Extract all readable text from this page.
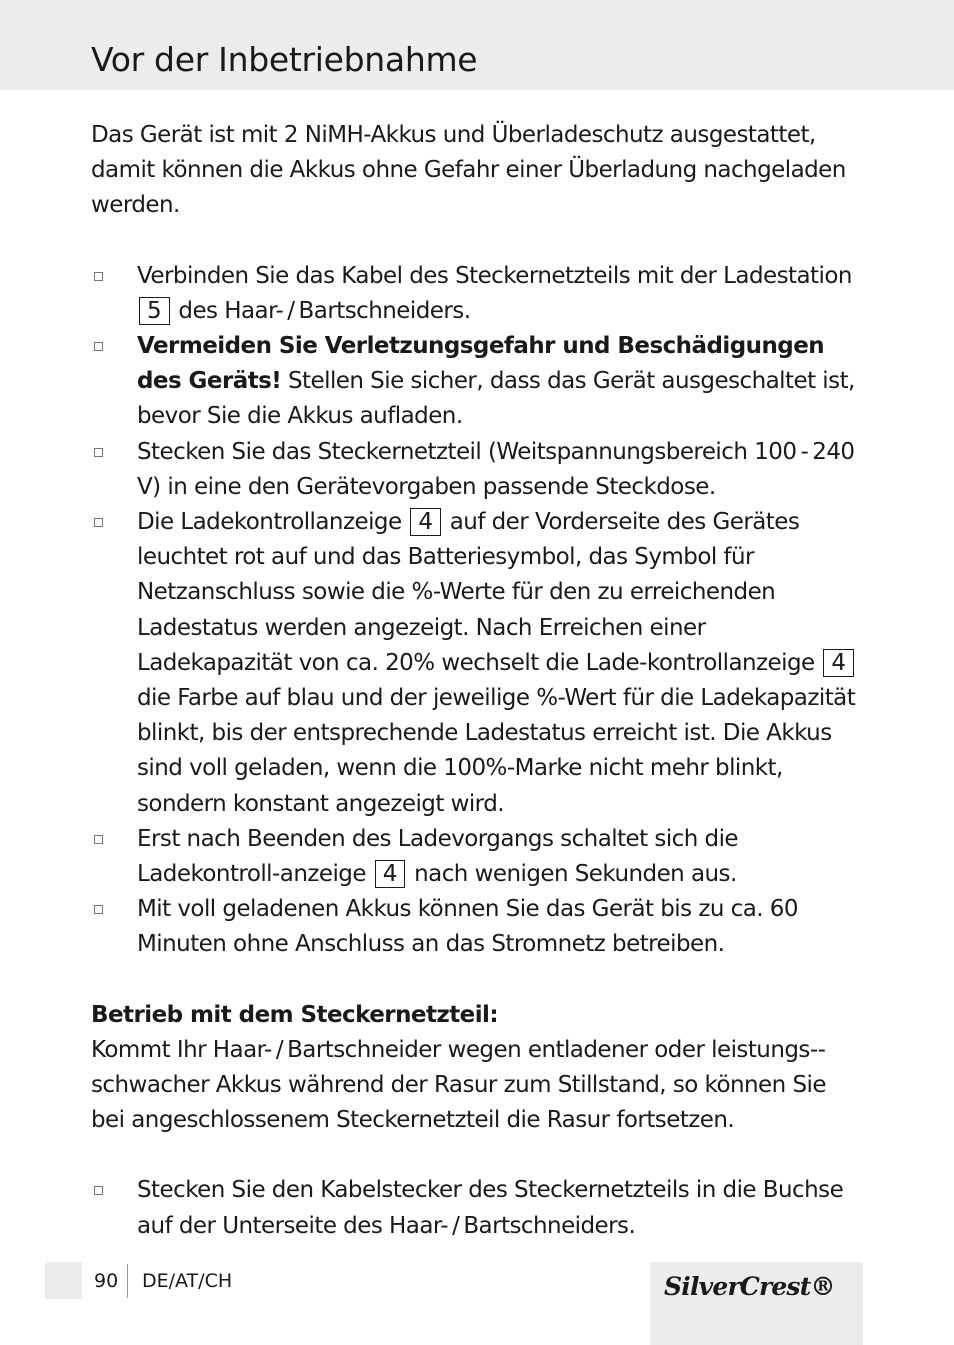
Vor der Inbetriebnahme

Das Gerät ist mit 2 NiMH-Akkus und Überladeschutz ausgestattet, damit können die Akkus ohne Gefahr einer Überladung nachgeladen werden.

Verbinden Sie das Kabel des Steckernetzteils mit der Ladestation 5 des Haar- / Bartschneiders.
Vermeiden Sie Verletzungsgefahr und Beschädigungen des Geräts! Stellen Sie sicher, dass das Gerät ausgeschaltet ist, bevor Sie die Akkus aufladen.
Stecken Sie das Steckernetzteil (Weitspannungsbereich 100 - 240 V) in eine den Gerätevorgaben passende Steckdose.
Die Ladekontrollanzeige 4 auf der Vorderseite des Gerätes leuchtet rot auf und das Batteriesymbol, das Symbol für Netzanschluss sowie die %-Werte für den zu erreichenden Ladestatus werden angezeigt. Nach Erreichen einer Ladekapazität von ca. 20% wechselt die Lade-kontrollanzeige 4 die Farbe auf blau und der jeweilige %-Wert für die Ladekapazität blinkt, bis der entsprechende Ladestatus erreicht ist. Die Akkus sind voll geladen, wenn die 100%-Marke nicht mehr blinkt, sondern konstant angezeigt wird.
Erst nach Beenden des Ladevorgangs schaltet sich die Ladekontroll-anzeige 4 nach wenigen Sekunden aus.
Mit voll geladenen Akkus können Sie das Gerät bis zu ca. 60 Minuten ohne Anschluss an das Stromnetz betreiben.
Betrieb mit dem Steckernetzteil:

Kommt Ihr Haar- / Bartschneider wegen entladener oder leistungs-schwacher Akkus während der Rasur zum Stillstand, so können Sie bei angeschlossenem Steckernetzteil die Rasur fortsetzen.

Stecken Sie den Kabelstecker des Steckernetzteils in die Buchse auf der Unterseite des Haar- / Bartschneiders.
90 DE/AT/CH	SilverCrest®
